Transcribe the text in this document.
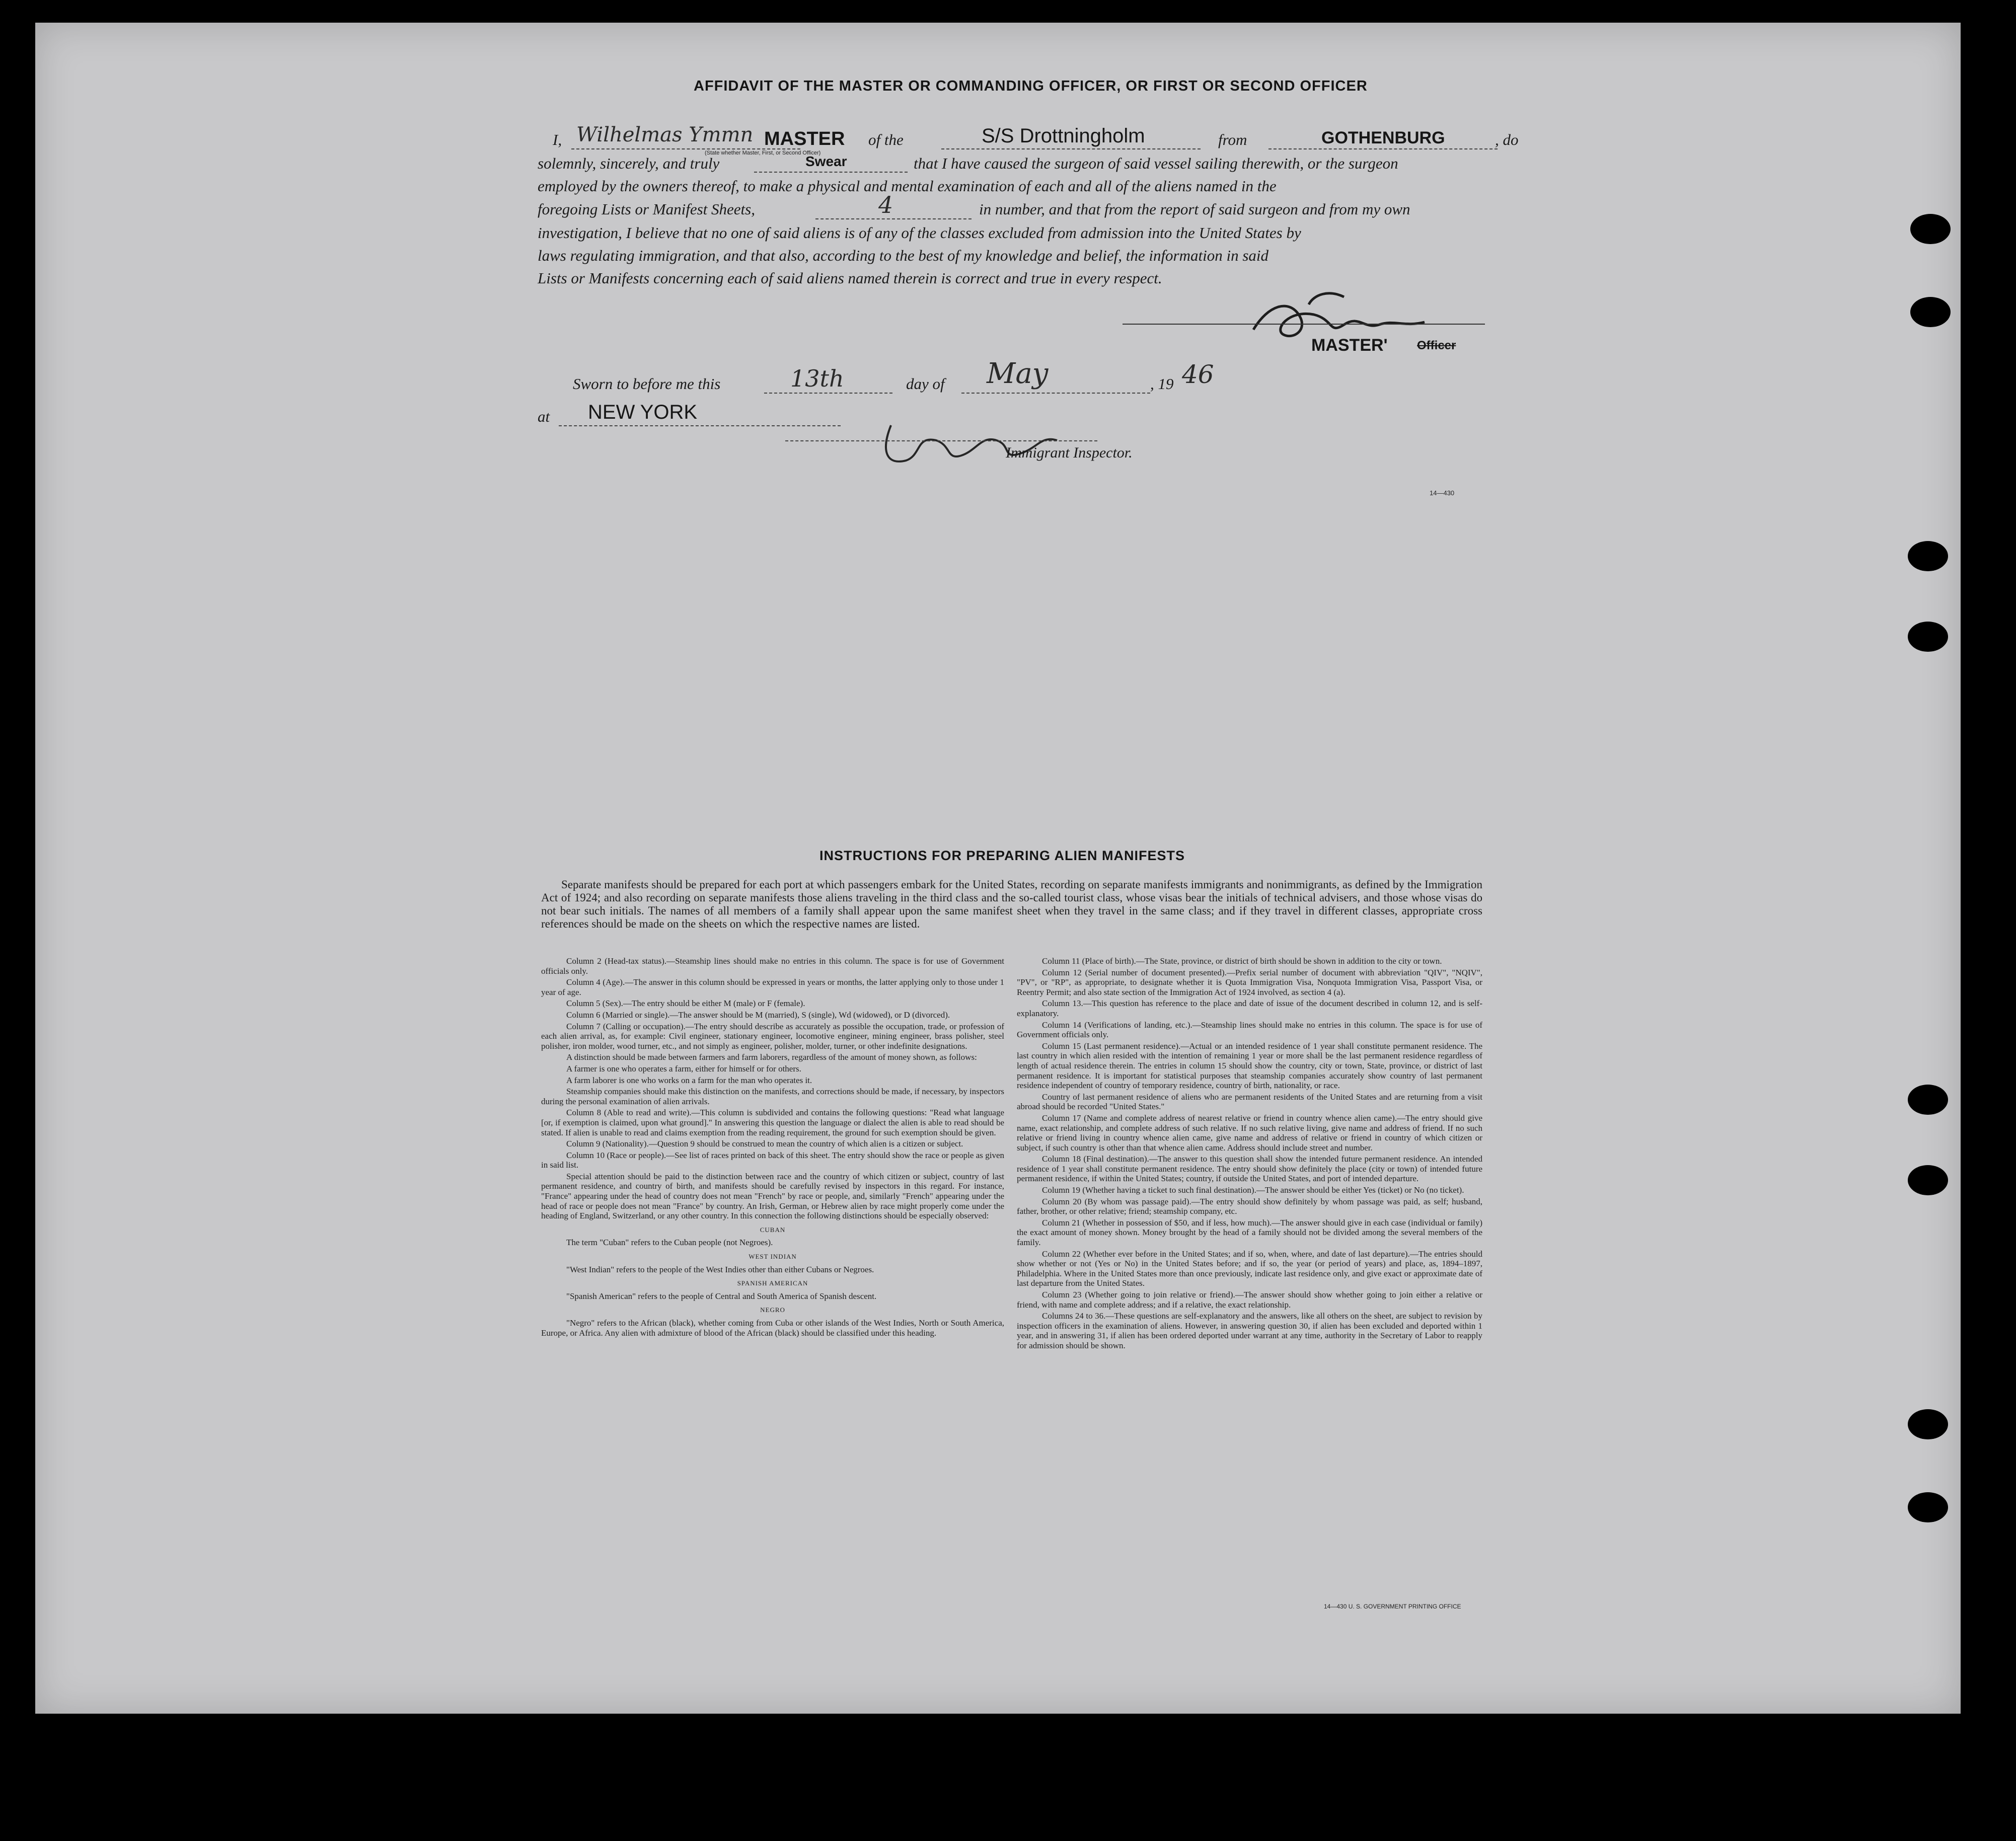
AFFIDAVIT OF THE MASTER OR COMMANDING OFFICER, OR FIRST OR SECOND OFFICER
I, Wilhelmas Ymmn MASTER
(State whether Master, First, or Second Officer)
of the	S/S Drottningholm	from	GOTHENBURG	, do
solemnly, sincerely, and truly	Swear	that I have caused the surgeon of said vessel sailing therewith, or the surgeon
employed by the owners thereof, to make a physical and mental examination of each and all of the aliens named in the
foregoing Lists or Manifest Sheets,	4	in number, and that from the report of said surgeon and from my own
investigation, I believe that no one of said aliens is of any of the classes excluded from admission into the United States by
laws regulating immigration, and that also, according to the best of my knowledge and belief, the information in said
Lists or Manifests concerning each of said aliens named therein is correct and true in every respect.
MASTER' Officer
Sworn to before me this	13th	day of May	, 19 46
at NEW YORK
Immigrant Inspector.
14—430
INSTRUCTIONS FOR PREPARING ALIEN MANIFESTS
Separate manifests should be prepared for each port at which passengers embark for the United States, recording on separate manifests immigrants and nonimmigrants, as defined by the Immigration Act of 1924; and also recording on separate manifests those aliens traveling in the third class and the so-called tourist class, whose visas bear the initials of technical advisers, and those whose visas do not bear such initials. The names of all members of a family shall appear upon the same manifest sheet when they travel in the same class; and if they travel in different classes, appropriate cross references should be made on the sheets on which the respective names are listed.

Column 2 (Head-tax status).—Steamship lines should make no entries in this column. The space is for use of Government officials only.

Column 4 (Age).—The answer in this column should be expressed in years or months, the latter applying only to those under 1 year of age.

Column 5 (Sex).—The entry should be either M (male) or F (female).

Column 6 (Married or single).—The answer should be M (married), S (single), Wd (widowed), or D (divorced).

Column 7 (Calling or occupation).—The entry should describe as accurately as possible the occupation, trade, or profession of each alien arrival, as, for example: Civil engineer, stationary engineer, locomotive engineer, mining engineer, brass polisher, steel polisher, iron molder, wood turner, etc., and not simply as engineer, polisher, molder, turner, or other indefinite designations.

A distinction should be made between farmers and farm laborers, regardless of the amount of money shown, as follows:

A farmer is one who operates a farm, either for himself or for others.

A farm laborer is one who works on a farm for the man who operates it.

Steamship companies should make this distinction on the manifests, and corrections should be made, if necessary, by inspectors during the personal examination of alien arrivals.

Column 8 (Able to read and write).—This column is subdivided and contains the following questions: "Read what language [or, if exemption is claimed, upon what ground]." In answering this question the language or dialect the alien is able to read should be stated. If alien is unable to read and claims exemption from the reading requirement, the ground for such exemption should be given.

Column 9 (Nationality).—Question 9 should be construed to mean the country of which alien is a citizen or subject.

Column 10 (Race or people).—See list of races printed on back of this sheet. The entry should show the race or people as given in said list.

Special attention should be paid to the distinction between race and the country of which citizen or subject, country of last permanent residence, and country of birth, and manifests should be carefully revised by inspectors in this regard. For instance, "France" appearing under the head of country does not mean "French" by race or people, and, similarly "French" appearing under the head of race or people does not mean "France" by country. An Irish, German, or Hebrew alien by race might properly come under the heading of England, Switzerland, or any other country. In this connection the following distinctions should be especially observed:

CUBAN

The term "Cuban" refers to the Cuban people (not Negroes).

WEST INDIAN

"West Indian" refers to the people of the West Indies other than either Cubans or Negroes.

SPANISH AMERICAN

"Spanish American" refers to the people of Central and South America of Spanish descent.

NEGRO

"Negro" refers to the African (black), whether coming from Cuba or other islands of the West Indies, North or South America, Europe, or Africa. Any alien with admixture of blood of the African (black) should be classified under this heading.

Column 11 (Place of birth).—The State, province, or district of birth should be shown in addition to the city or town.

Column 12 (Serial number of document presented).—Prefix serial number of document with abbreviation "QIV", "NQIV", "PV", or "RP", as appropriate, to designate whether it is Quota Immigration Visa, Nonquota Immigration Visa, Passport Visa, or Reentry Permit; and also state section of the Immigration Act of 1924 involved, as section 4 (a).

Column 13.—This question has reference to the place and date of issue of the document described in column 12, and is self-explanatory.

Column 14 (Verifications of landing, etc.).—Steamship lines should make no entries in this column. The space is for use of Government officials only.

Column 15 (Last permanent residence).—Actual or an intended residence of 1 year shall constitute permanent residence. The last country in which alien resided with the intention of remaining 1 year or more shall be the last permanent residence regardless of length of actual residence therein. The entries in column 15 should show the country, city or town, State, province, or district of last permanent residence. It is important for statistical purposes that steamship companies accurately show country of last permanent residence independent of country of temporary residence, country of birth, nationality, or race.

Country of last permanent residence of aliens who are permanent residents of the United States and are returning from a visit abroad should be recorded "United States."

Column 17 (Name and complete address of nearest relative or friend in country whence alien came).—The entry should give name, exact relationship, and complete address of such relative. If no such relative living, give name and address of friend. If no such relative or friend living in country whence alien came, give name and address of relative or friend in country of which citizen or subject, if such country is other than that whence alien came. Address should include street and number.

Column 18 (Final destination).—The answer to this question shall show the intended future permanent residence. An intended residence of 1 year shall constitute permanent residence. The entry should show definitely the place (city or town) of intended future permanent residence, if within the United States; country, if outside the United States, and port of intended departure.

Column 19 (Whether having a ticket to such final destination).—The answer should be either Yes (ticket) or No (no ticket).

Column 20 (By whom was passage paid).—The entry should show definitely by whom passage was paid, as self; husband, father, brother, or other relative; friend; steamship company, etc.

Column 21 (Whether in possession of $50, and if less, how much).—The answer should give in each case (individual or family) the exact amount of money shown. Money brought by the head of a family should not be divided among the several members of the family.

Column 22 (Whether ever before in the United States; and if so, when, where, and date of last departure).—The entries should show whether or not (Yes or No) in the United States before; and if so, the year (or period of years) and place, as, 1894–1897, Philadelphia. Where in the United States more than once previously, indicate last residence only, and give exact or approximate date of last departure from the United States.

Column 23 (Whether going to join relative or friend).—The answer should show whether going to join either a relative or friend, with name and complete address; and if a relative, the exact relationship.

Columns 24 to 36.—These questions are self-explanatory and the answers, like all others on the sheet, are subject to revision by inspection officers in the examination of aliens. However, in answering question 30, if alien has been excluded and deported within 1 year, and in answering 31, if alien has been ordered deported under warrant at any time, authority in the Secretary of Labor to reapply for admission should be shown.

14—430 U. S. GOVERNMENT PRINTING OFFICE
